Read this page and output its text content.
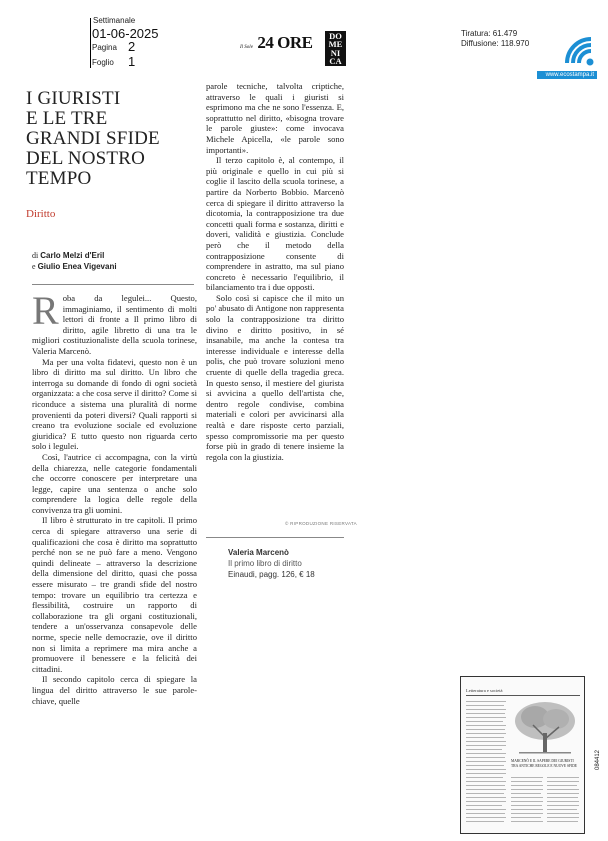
Settimanale
01-06-2025
Pagina 2
Foglio 1
Il Sole 24 ORE	DO
ME
NI
CA
Tiratura: 61.479
Diffusione: 118.970
www.ecostampa.it
I GIURISTI
E LE TRE
GRANDI SFIDE
DEL NOSTRO
TEMPO
Diritto
di Carlo Melzi d'Eril
e Giulio Enea Vigevani

Roba da legulei... Questo, immaginiamo, il sentimento di molti lettori di fronte a Il primo libro di diritto, agile libretto di una tra le migliori costituzionaliste della scuola torinese, Valeria Marcenò.

Ma per una volta fidatevi, questo non è un libro di diritto ma sul diritto. Un libro che interroga su domande di fondo di ogni società organizzata: a che cosa serve il diritto? Come si riconduce a sistema una pluralità di norme provenienti da poteri diversi? Quali rapporti si creano tra evoluzione sociale ed evoluzione giuridica? E tutto questo non riguarda certo solo i legulei.

Così, l'autrice ci accompagna, con la virtù della chiarezza, nelle categorie fondamentali che occorre conoscere per interpretare una legge, capire una sentenza o anche solo comprendere la logica delle regole della convivenza tra gli uomini.

Il libro è strutturato in tre capitoli. Il primo cerca di spiegare attraverso una serie di qualificazioni che cosa è diritto ma soprattutto perché non se ne può fare a meno. Vengono quindi delineate – attraverso la descrizione della dimensione del diritto, quasi che possa essere misurato – tre grandi sfide del nostro tempo: trovare un equilibrio tra certezza e flessibilità, costruire un rapporto di collaborazione tra gli organi costituzionali, tendere a un'osservanza consapevole delle norme, specie nelle democrazie, ove il diritto non si limita a reprimere ma mira anche a promuovere il benessere e la felicità dei cittadini.

Il secondo capitolo cerca di spiegare la lingua del diritto attraverso le sue parole-chiave, quelle

parole tecniche, talvolta criptiche, attraverso le quali i giuristi si esprimono ma che ne sono l'essenza. E, soprattutto nel diritto, «bisogna trovare le parole giuste»: come invocava Michele Apicella, «le parole sono importanti».

Il terzo capitolo è, al contempo, il più originale e quello in cui più si coglie il lascito della scuola torinese, a partire da Norberto Bobbio. Marcenò cerca di spiegare il diritto attraverso la dicotomia, la contrapposizione tra due concetti quali forma e sostanza, diritti e doveri, validità e giustizia. Conclude però che il metodo della contrapposizione consente di comprendere in astratto, ma sul piano concreto è necessario l'equilibrio, il bilanciamento tra i due opposti.

Solo così si capisce che il mito un po' abusato di Antigone non rappresenta solo la contrapposizione tra diritto divino e diritto positivo, in sé insanabile, ma anche la contesa tra interesse individuale e interesse della polis, che può trovare soluzioni meno cruente di quelle della tragedia greca. In questo senso, il mestiere del giurista si avvicina a quello dell'artista che, dentro regole condivise, combina materiali e colori per avvicinarsi alla realtà e dare risposte certo parziali, spesso compromissorie ma per questo forse più in grado di tenere insieme la regola con la giustizia.

© RIPRODUZIONE RISERVATA
Valeria Marcenò
Il primo libro di diritto
Einaudi, pagg. 126, € 18
Letteratura e società
MARCENÒ E IL SAPERE DEI GIURISTI TRA ANTICHE REGOLE E NUOVE SFIDE	084412
